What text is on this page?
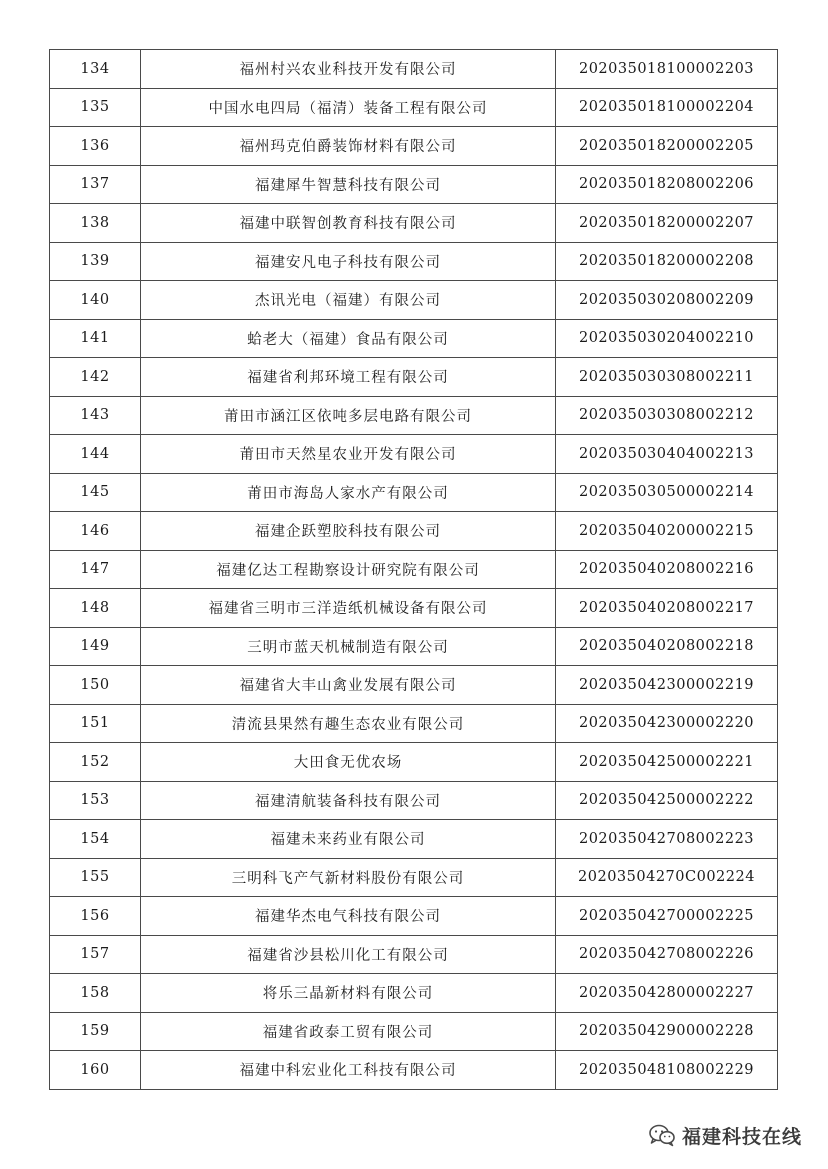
134	福州村兴农业科技开发有限公司	202035018100002203
135	中国水电四局（福清）装备工程有限公司	202035018100002204
136	福州玛克伯爵装饰材料有限公司	202035018200002205
137	福建犀牛智慧科技有限公司	202035018208002206
138	福建中联智创教育科技有限公司	202035018200002207
139	福建安凡电子科技有限公司	202035018200002208
140	杰讯光电（福建）有限公司	202035030208002209
141	蛤老大（福建）食品有限公司	202035030204002210
142	福建省利邦环境工程有限公司	202035030308002211
143	莆田市涵江区依吨多层电路有限公司	202035030308002212
144	莆田市天然星农业开发有限公司	202035030404002213
145	莆田市海岛人家水产有限公司	202035030500002214
146	福建企跃塑胶科技有限公司	202035040200002215
147	福建亿达工程勘察设计研究院有限公司	202035040208002216
148	福建省三明市三洋造纸机械设备有限公司	202035040208002217
149	三明市蓝天机械制造有限公司	202035040208002218
150	福建省大丰山禽业发展有限公司	202035042300002219
151	清流县果然有趣生态农业有限公司	202035042300002220
152	大田食无优农场	202035042500002221
153	福建清航装备科技有限公司	202035042500002222
154	福建未来药业有限公司	202035042708002223
155	三明科飞产气新材料股份有限公司	20203504270C002224
156	福建华杰电气科技有限公司	202035042700002225
157	福建省沙县松川化工有限公司	202035042708002226
158	将乐三晶新材料有限公司	202035042800002227
159	福建省政泰工贸有限公司	202035042900002228
160	福建中科宏业化工科技有限公司	202035048108002229
福建科技在线
